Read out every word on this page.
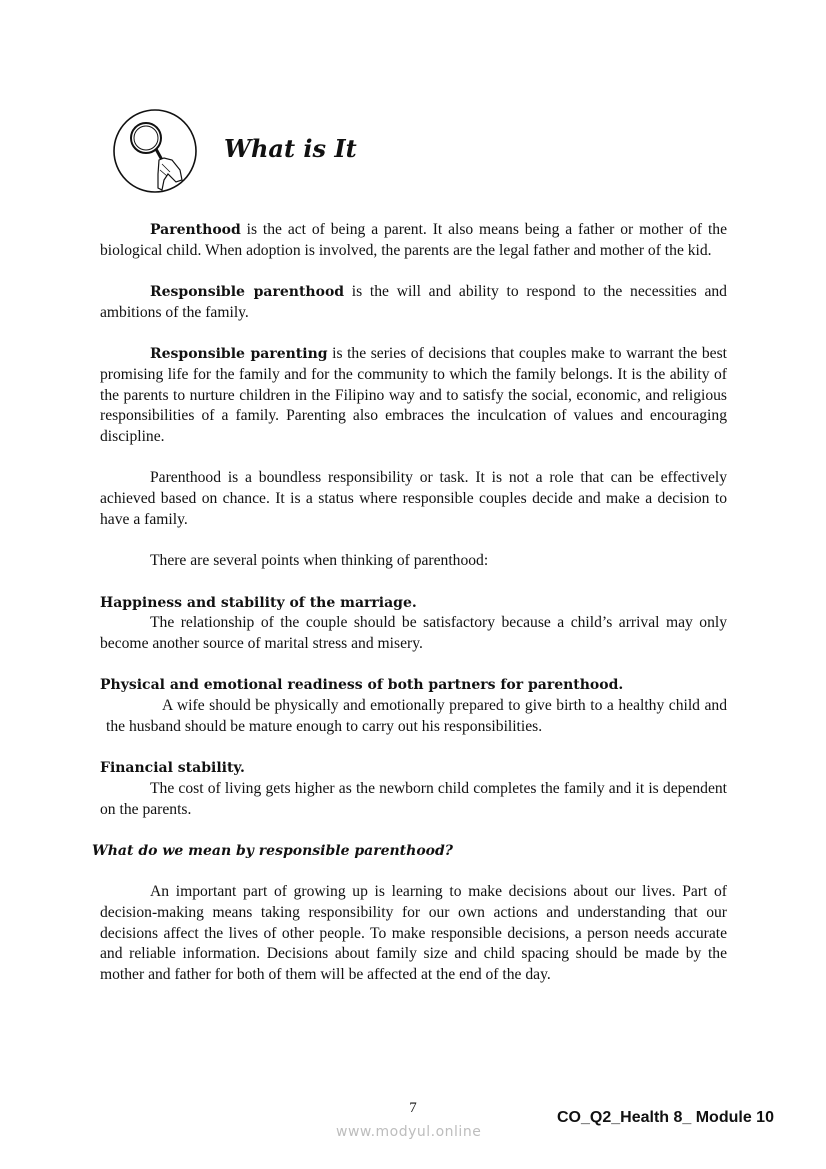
What is It

Parenthood is the act of being a parent. It also means being a father or mother of the biological child. When adoption is involved, the parents are the legal father and mother of the kid.

Responsible parenthood is the will and ability to respond to the necessities and ambitions of the family.

Responsible parenting is the series of decisions that couples make to warrant the best promising life for the family and for the community to which the family belongs. It is the ability of the parents to nurture children in the Filipino way and to satisfy the social, economic, and religious responsibilities of a family. Parenting also embraces the inculcation of values and encouraging discipline.

Parenthood is a boundless responsibility or task. It is not a role that can be effectively achieved based on chance. It is a status where responsible couples decide and make a decision to have a family.

There are several points when thinking of parenthood:

Happiness and stability of the marriage.

The relationship of the couple should be satisfactory because a child’s arrival may only become another source of marital stress and misery.

Physical and emotional readiness of both partners for parenthood.

A wife should be physically and emotionally prepared to give birth to a healthy child and the husband should be mature enough to carry out his responsibilities.

Financial stability.

The cost of living gets higher as the newborn child completes the family and it is dependent on the parents.

What do we mean by responsible parenthood?

An important part of growing up is learning to make decisions about our lives. Part of decision-making means taking responsibility for our own actions and understanding that our decisions affect the lives of other people. To make responsible decisions, a person needs accurate and reliable information. Decisions about family size and child spacing should be made by the mother and father for both of them will be affected at the end of the day.

7
CO_Q2_Health 8_ Module 10
www.modyul.online
